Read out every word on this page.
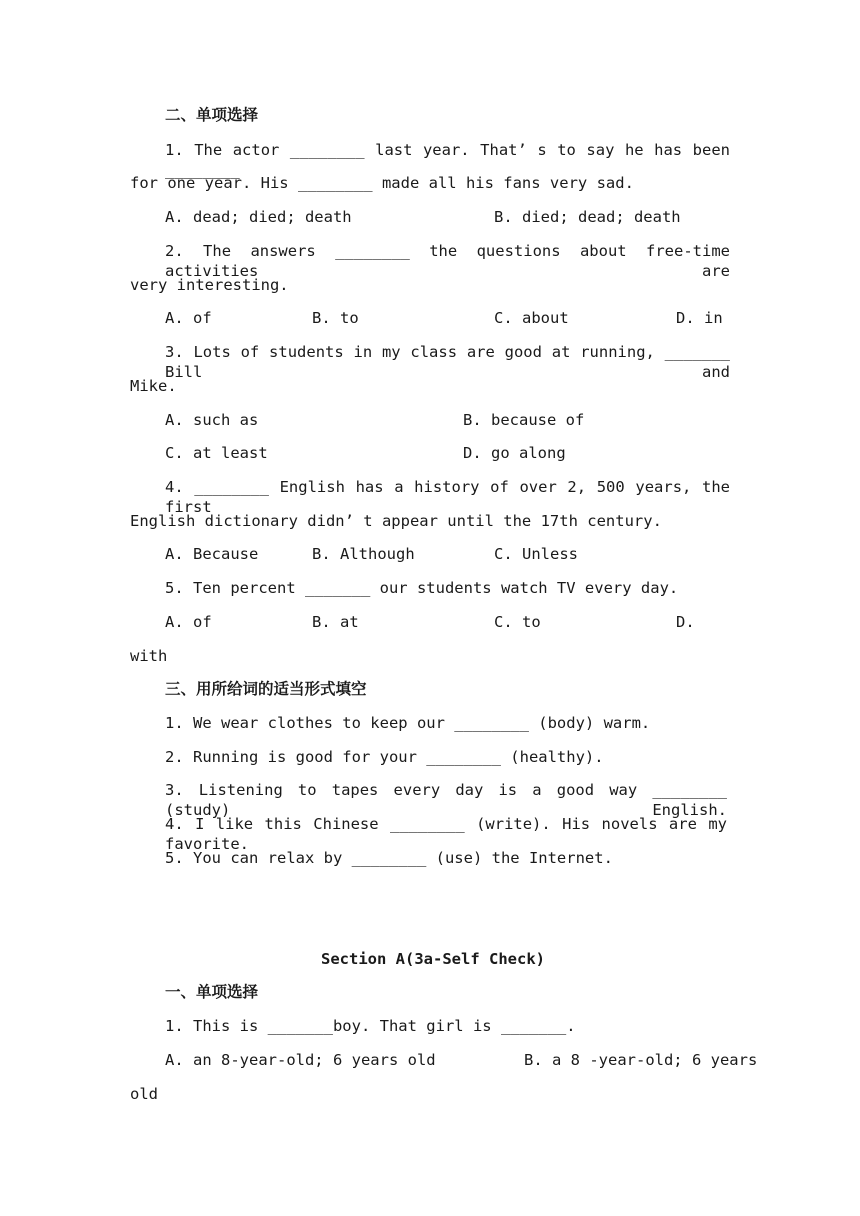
二、单项选择
1. The actor ________ last year. That’ s to say he has been ________
for one year. His ________ made all his fans very sad.
A. dead; died; death	B. died; dead; death
2. The answers ________ the questions about free-time activities are
very interesting.
A. of	B. to	C. about	D. in
3. Lots of students in my class are good at running, _______ Bill and
Mike.
A. such as	B. because of
C. at least	D. go along
4. ________ English has a history of over 2, 500 years, the first
English dictionary didn’ t appear until the 17th century.
A. Because	B. Although	C. Unless
5. Ten percent _______ our students watch TV every day.
A. of	B. at	C. to	D.
with
三、用所给词的适当形式填空
1. We wear clothes to keep our ________ (body) warm.
2. Running is good for your ________ (healthy).
3. Listening to tapes every day is a good way ________ (study) English.
4. I like this Chinese ________ (write). His novels are my favorite.
5. You can relax by ________ (use) the Internet.
Section A(3a-Self Check)
一、单项选择
1. This is _______boy. That girl is _______.
A. an 8-year-old; 6 years old	B. a 8 -year-old; 6 years
old
